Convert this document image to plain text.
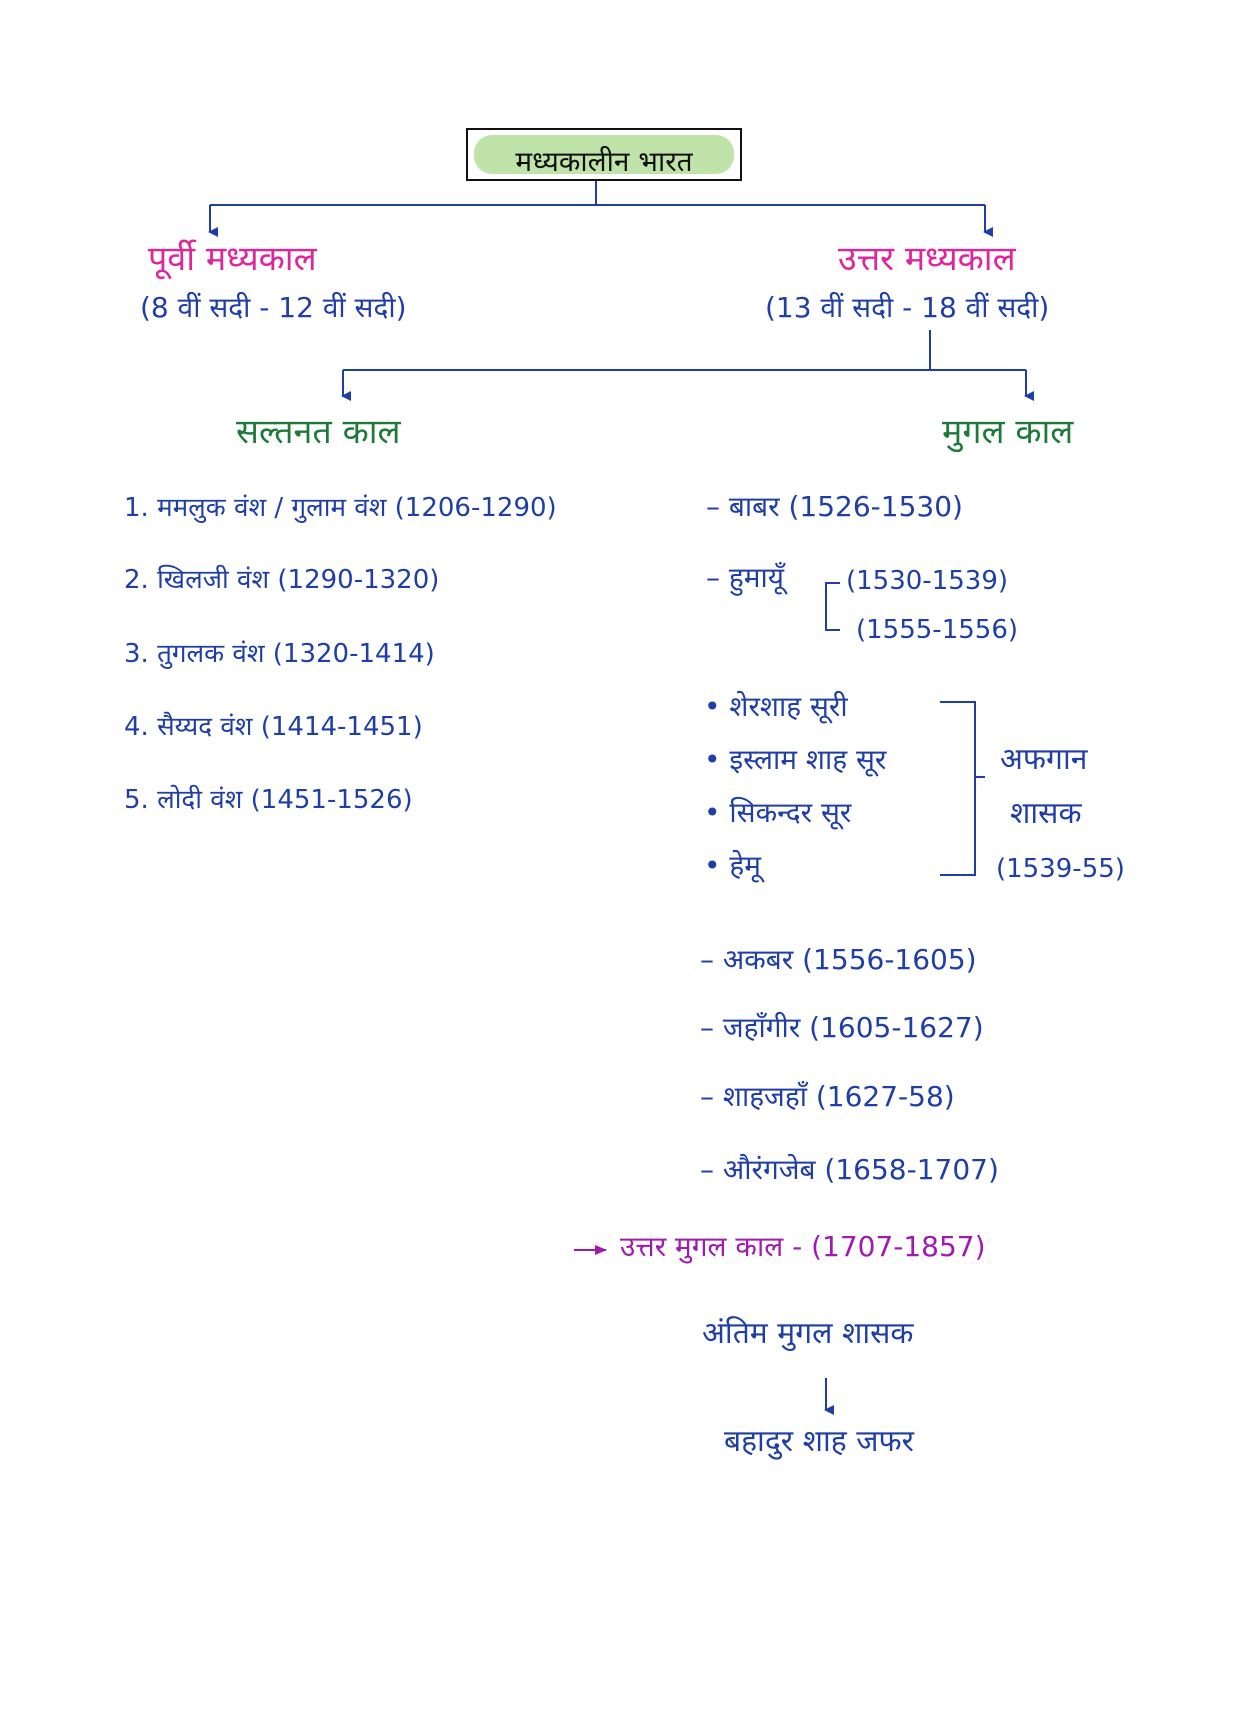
मध्यकालीन भारत
पूर्वी मध्यकाल
(8 वीं सदी - 12 वीं सदी)
उत्तर मध्यकाल
(13 वीं सदी - 18 वीं सदी)
सल्तनत काल	मुगल काल
1. ममलुक वंश / गुलाम वंश (1206-1290)
2. खिलजी वंश (1290-1320)
3. तुगलक वंश (1320-1414)
4. सैय्यद वंश (1414-1451)
5. लोदी वंश (1451-1526)
– बाबर (1526-1530)
– हुमायूँ (1530-1539)
(1555-1556)
• शेरशाह सूरी
• इस्लाम शाह सूर
• सिकन्दर सूर
• हेमू
अफगान
शासक
(1539-55)
– अकबर (1556-1605)
– जहाँगीर (1605-1627)
– शाहजहाँ (1627-58)
– औरंगजेब (1658-1707)
उत्तर मुगल काल - (1707-1857)
अंतिम मुगल शासक
बहादुर शाह जफर
